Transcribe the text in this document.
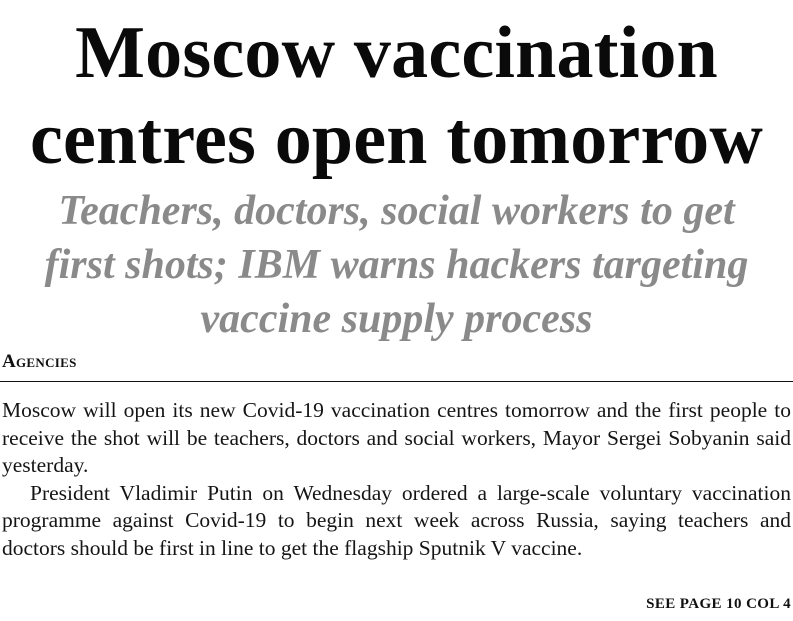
Moscow vaccination
centres open tomorrow
Teachers, doctors, social workers to get
first shots; IBM warns hackers targeting
vaccine supply process
Agencies

Moscow will open its new Covid-19 vaccination centres tomorrow and the first people to receive the shot will be teachers, doctors and social workers, Mayor Sergei Sobyanin said yesterday.

President Vladimir Putin on Wednesday ordered a large-scale voluntary vaccination programme against Covid-19 to begin next week across Russia, saying teachers and doctors should be first in line to get the flagship Sputnik V vaccine.

SEE PAGE 10 COL 4
